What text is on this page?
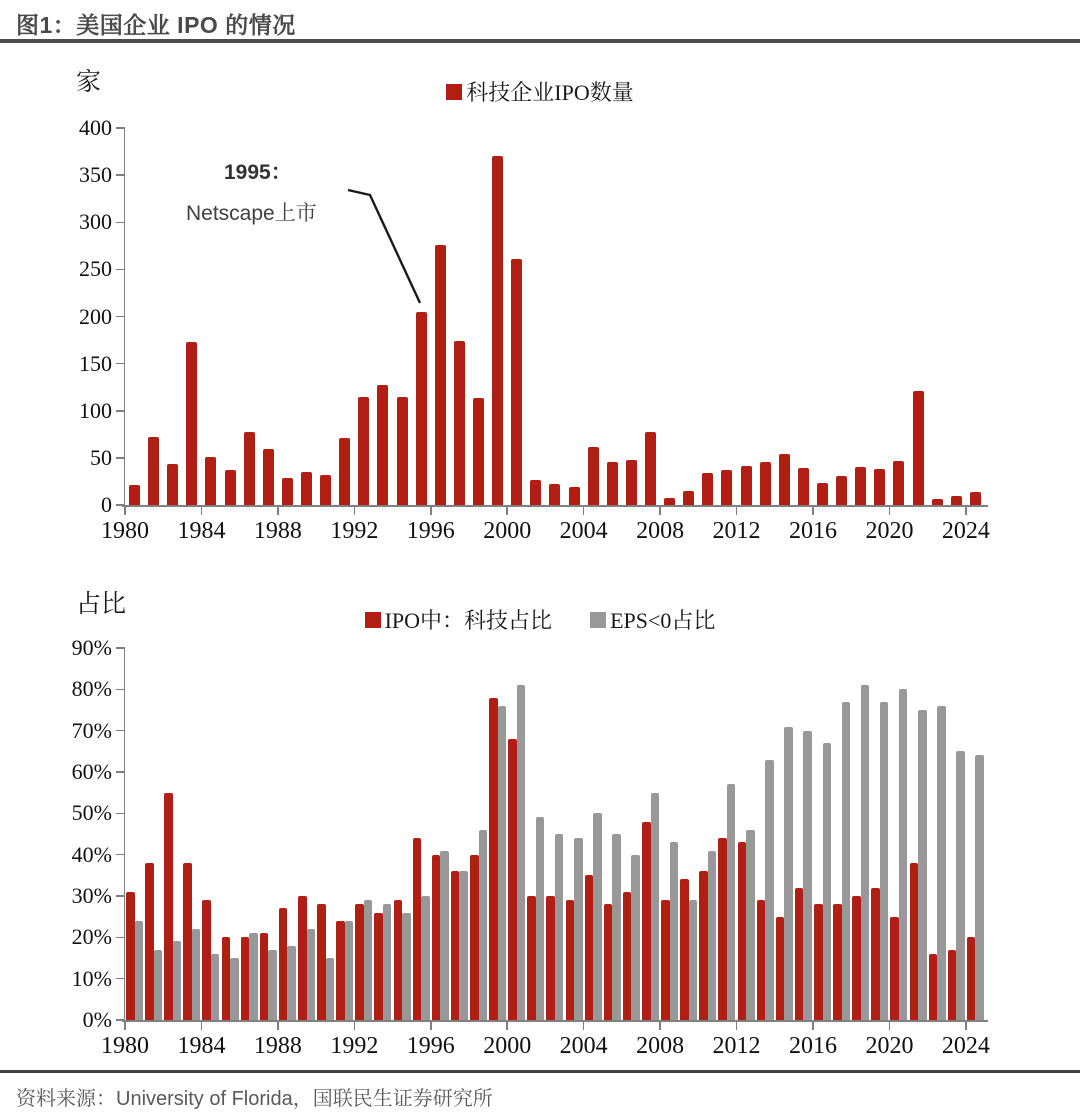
图1：美国企业 IPO 的情况
家	科技企业IPO数量
0
50
100
150
200
250
300
350
400
1980 1984 1988 1992 1996 2000 2004 2008 2012 2016 2020 2024
1995：
Netscape上市
占比
IPO中：科技占比	EPS<0占比
0%
10%
20%
30%
40%
50%
60%
70%
80%
90%
1980 1984 1988 1992 1996 2000 2004 2008 2012 2016 2020 2024
资料来源：University of Florida，国联民生证券研究所
